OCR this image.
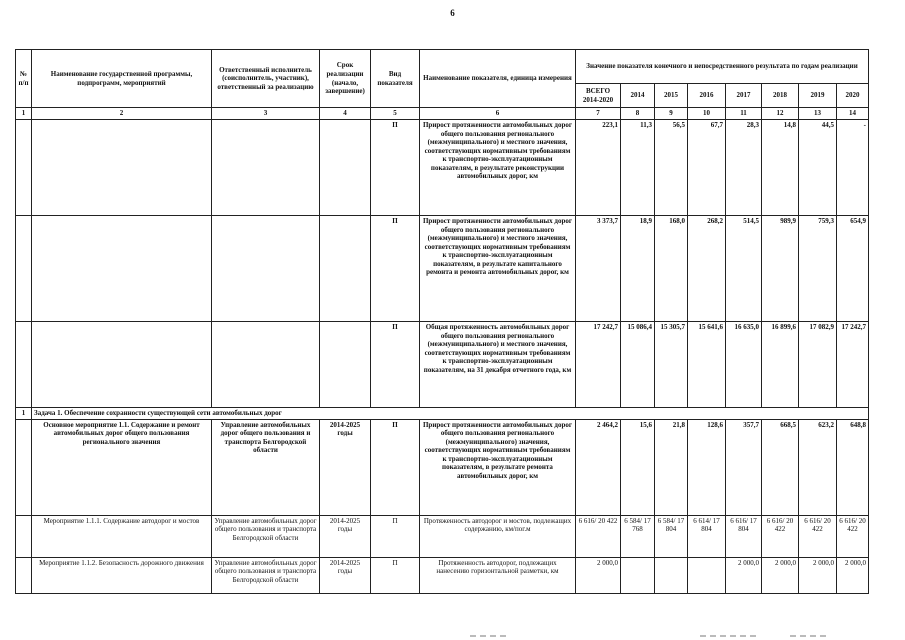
6
№ п/п	Наименование государственной программы, подпрограмм, мероприятий	Ответственный исполнитель (соисполнитель, участник), ответственный за реализацию	Срок реализации (начало, завершение)	Вид показателя	Наименование показателя, единица измерения	Значение показателя конечного и непосредственного результата по годам реализации							
						ВСЕГО 2014-2020	2014	2015	2016	2017	2018	2019	2020
1	2	3	4	5	6	7	8	9	10	11	12	13	14
				П	Прирост протяженности автомобильных дорог общего пользования регионального (межмуниципального) и местного значения, соответствующих нормативным требованиям к транспортно-эксплуатационным показателям, в результате реконструкции автомобильных дорог, км	223,1	11,3	56,5	67,7	28,3	14,8	44,5	-
				П	Прирост протяженности автомобильных дорог общего пользования регионального (межмуниципального) и местного значения, соответствующих нормативным требованиям к транспортно-эксплуатационным показателям, в результате капитального ремонта и ремонта автомобильных дорог, км	3 373,7	18,9	168,0	268,2	514,5	989,9	759,3	654,9
				П	Общая протяженность автомобильных дорог общего пользования регионального (межмуниципального) и местного значения, соответствующих нормативным требованиям к транспортно-эксплуатационным показателям, на 31 декабря отчетного года, км	17 242,7	15 086,4	15 305,7	15 641,6	16 635,0	16 899,6	17 082,9	17 242,7
1	Задача 1. Обеспечение сохранности существующей сети автомобильных дорог												
	Основное мероприятие 1.1. Содержание и ремонт автомобильных дорог общего пользования регионального значения	Управление автомобильных дорог общего пользования и транспорта Белгородской области	2014-2025 годы	П	Прирост протяженности автомобильных дорог общего пользования регионального (межмуниципального) значения, соответствующих нормативным требованиям к транспортно-эксплуатационным показателям, в результате ремонта автомобильных дорог, км	2 464,2	15,6	21,8	128,6	357,7	668,5	623,2	648,8
	Мероприятие 1.1.1. Содержание автодорог и мостов	Управление автомобильных дорог общего пользования и транспорта Белгородской области	2014-2025 годы	П	Протяженность автодорог и мостов, подлежащих содержанию, км/пог.м	6 616/ 20 422	6 584/ 17 768	6 584/ 17 804	6 614/ 17 804	6 616/ 17 804	6 616/ 20 422	6 616/ 20 422	6 616/ 20 422
	Мероприятие 1.1.2. Безопасность дорожного движения	Управление автомобильных дорог общего пользования и транспорта Белгородской области	2014-2025 годы	П	Протяженность автодорог, подлежащих нанесению горизонтальной разметки, км	2 000,0				2 000,0	2 000,0	2 000,0	2 000,0
